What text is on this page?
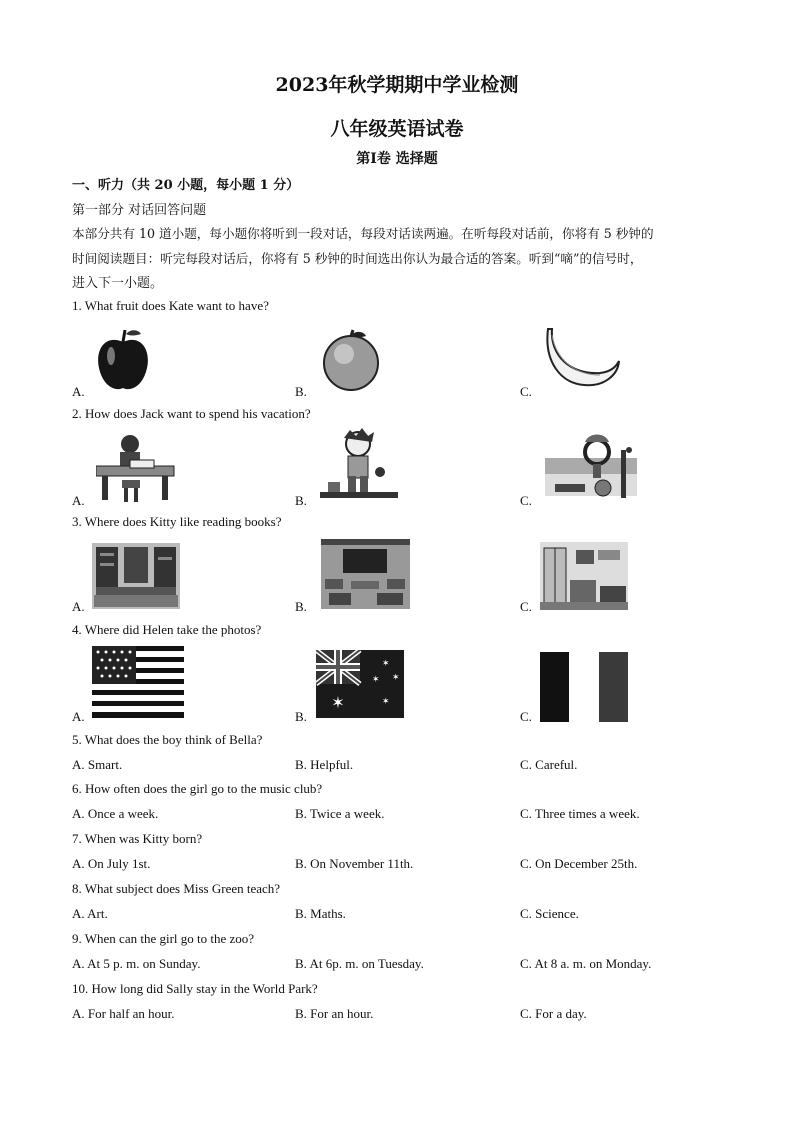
2023年秋学期期中学业检测
八年级英语试卷
第Ⅰ卷 选择题
一、听力（共 20 小题，每小题 1 分）
第一部分 对话回答问题
本部分共有 10 道小题，每小题你将听到一段对话，每段对话读两遍。在听每段对话前，你将有 5 秒钟的
时间阅读题目：听完每段对话后，你将有 5 秒钟的时间选出你认为最合适的答案。听到“嘀”的信号时，
进入下一小题。
1. What fruit does Kate want to have?
A.	B.	C.
2. How does Jack want to spend his vacation?
A.	B.	C.
3. Where does Kitty like reading books?
A.	B.	C.
4. Where did Helen take the photos?
A.	B.	C.
✶
✶
✶ ✶
✶
5. What does the boy think of Bella?
A. Smart.	B. Helpful.	C. Careful.
6. How often does the girl go to the music club?
A. Once a week.	B. Twice a week.	C. Three times a week.
7. When was Kitty born?
A. On July 1st.	B. On November 11th.	C. On December 25th.
8. What subject does Miss Green teach?
A. Art.	B. Maths.	C. Science.
9. When can the girl go to the zoo?
A. At 5 p. m. on Sunday.	B. At 6p. m. on Tuesday.	C. At 8 a. m. on Monday.
10. How long did Sally stay in the World Park?
A. For half an hour.	B. For an hour.	C. For a day.
